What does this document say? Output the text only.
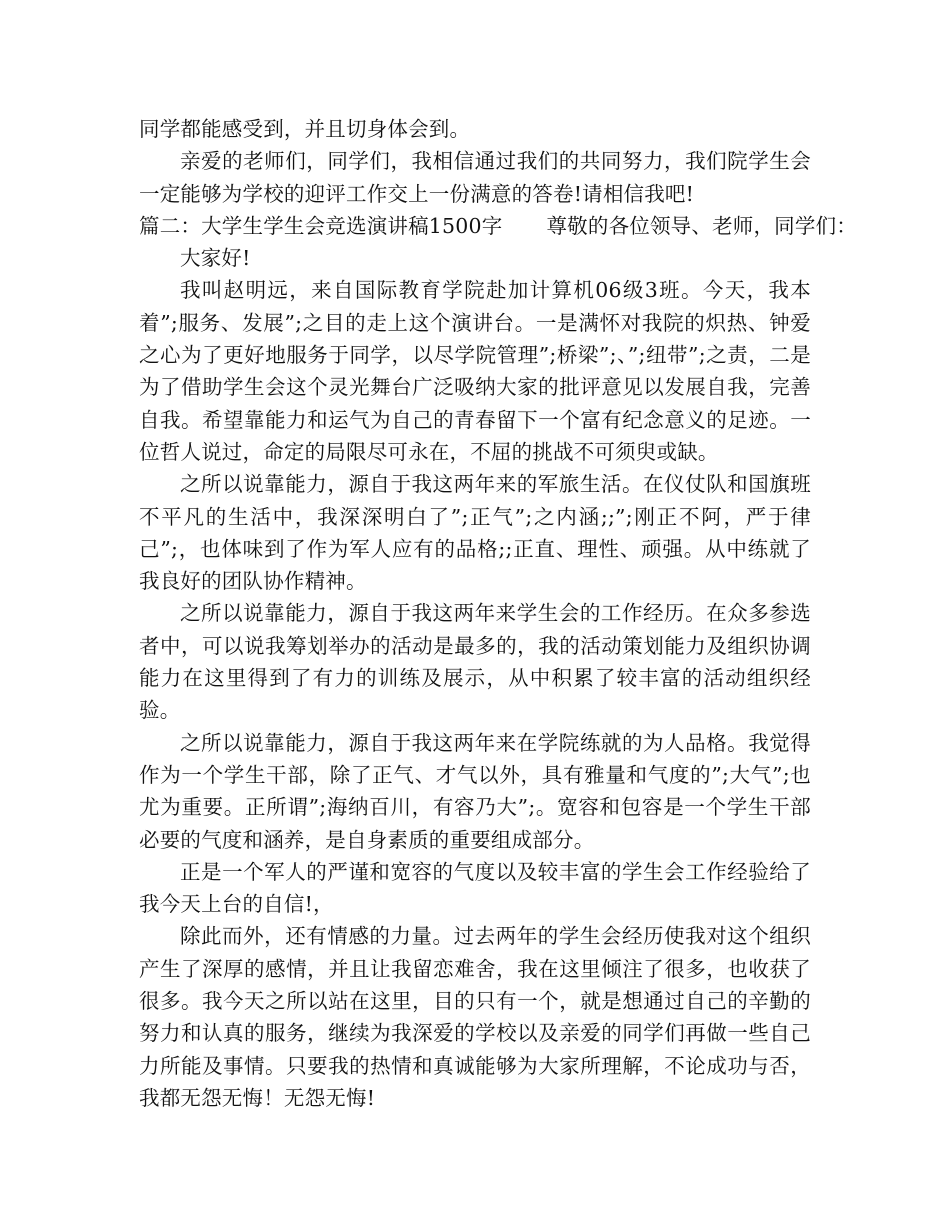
同学都能感受到，并且切身体会到。

亲爱的老师们，同学们，我相信通过我们的共同努力，我们院学生会一定能够为学校的迎评工作交上一份满意的答卷!请相信我吧!

篇二：大学生学生会竞选演讲稿1500字 尊敬的各位领导、老师，同学们：

大家好!

我叫赵明远，来自国际教育学院赴加计算机06级3班。今天，我本着”;服务、发展”;之目的走上这个演讲台。一是满怀对我院的炽热、钟爱之心为了更好地服务于同学，以尽学院管理”;桥梁”;、”;纽带”;之责，二是为了借助学生会这个灵光舞台广泛吸纳大家的批评意见以发展自我，完善自我。希望靠能力和运气为自己的青春留下一个富有纪念意义的足迹。一位哲人说过，命定的局限尽可永在，不屈的挑战不可须臾或缺。

之所以说靠能力，源自于我这两年来的军旅生活。在仪仗队和国旗班不平凡的生活中，我深深明白了”;正气”;之内涵;;”;刚正不阿，严于律己”;，也体味到了作为军人应有的品格;;正直、理性、顽强。从中练就了我良好的团队协作精神。

之所以说靠能力，源自于我这两年来学生会的工作经历。在众多参选者中，可以说我筹划举办的活动是最多的，我的活动策划能力及组织协调能力在这里得到了有力的训练及展示，从中积累了较丰富的活动组织经验。

之所以说靠能力，源自于我这两年来在学院练就的为人品格。我觉得作为一个学生干部，除了正气、才气以外，具有雅量和气度的”;大气”;也尤为重要。正所谓”;海纳百川，有容乃大”;。宽容和包容是一个学生干部必要的气度和涵养，是自身素质的重要组成部分。

正是一个军人的严谨和宽容的气度以及较丰富的学生会工作经验给了我今天上台的自信!，

除此而外，还有情感的力量。过去两年的学生会经历使我对这个组织产生了深厚的感情，并且让我留恋难舍，我在这里倾注了很多，也收获了很多。我今天之所以站在这里，目的只有一个，就是想通过自己的辛勤的努力和认真的服务，继续为我深爱的学校以及亲爱的同学们再做一些自己力所能及事情。只要我的热情和真诚能够为大家所理解，不论成功与否，我都无怨无悔！无怨无悔!
